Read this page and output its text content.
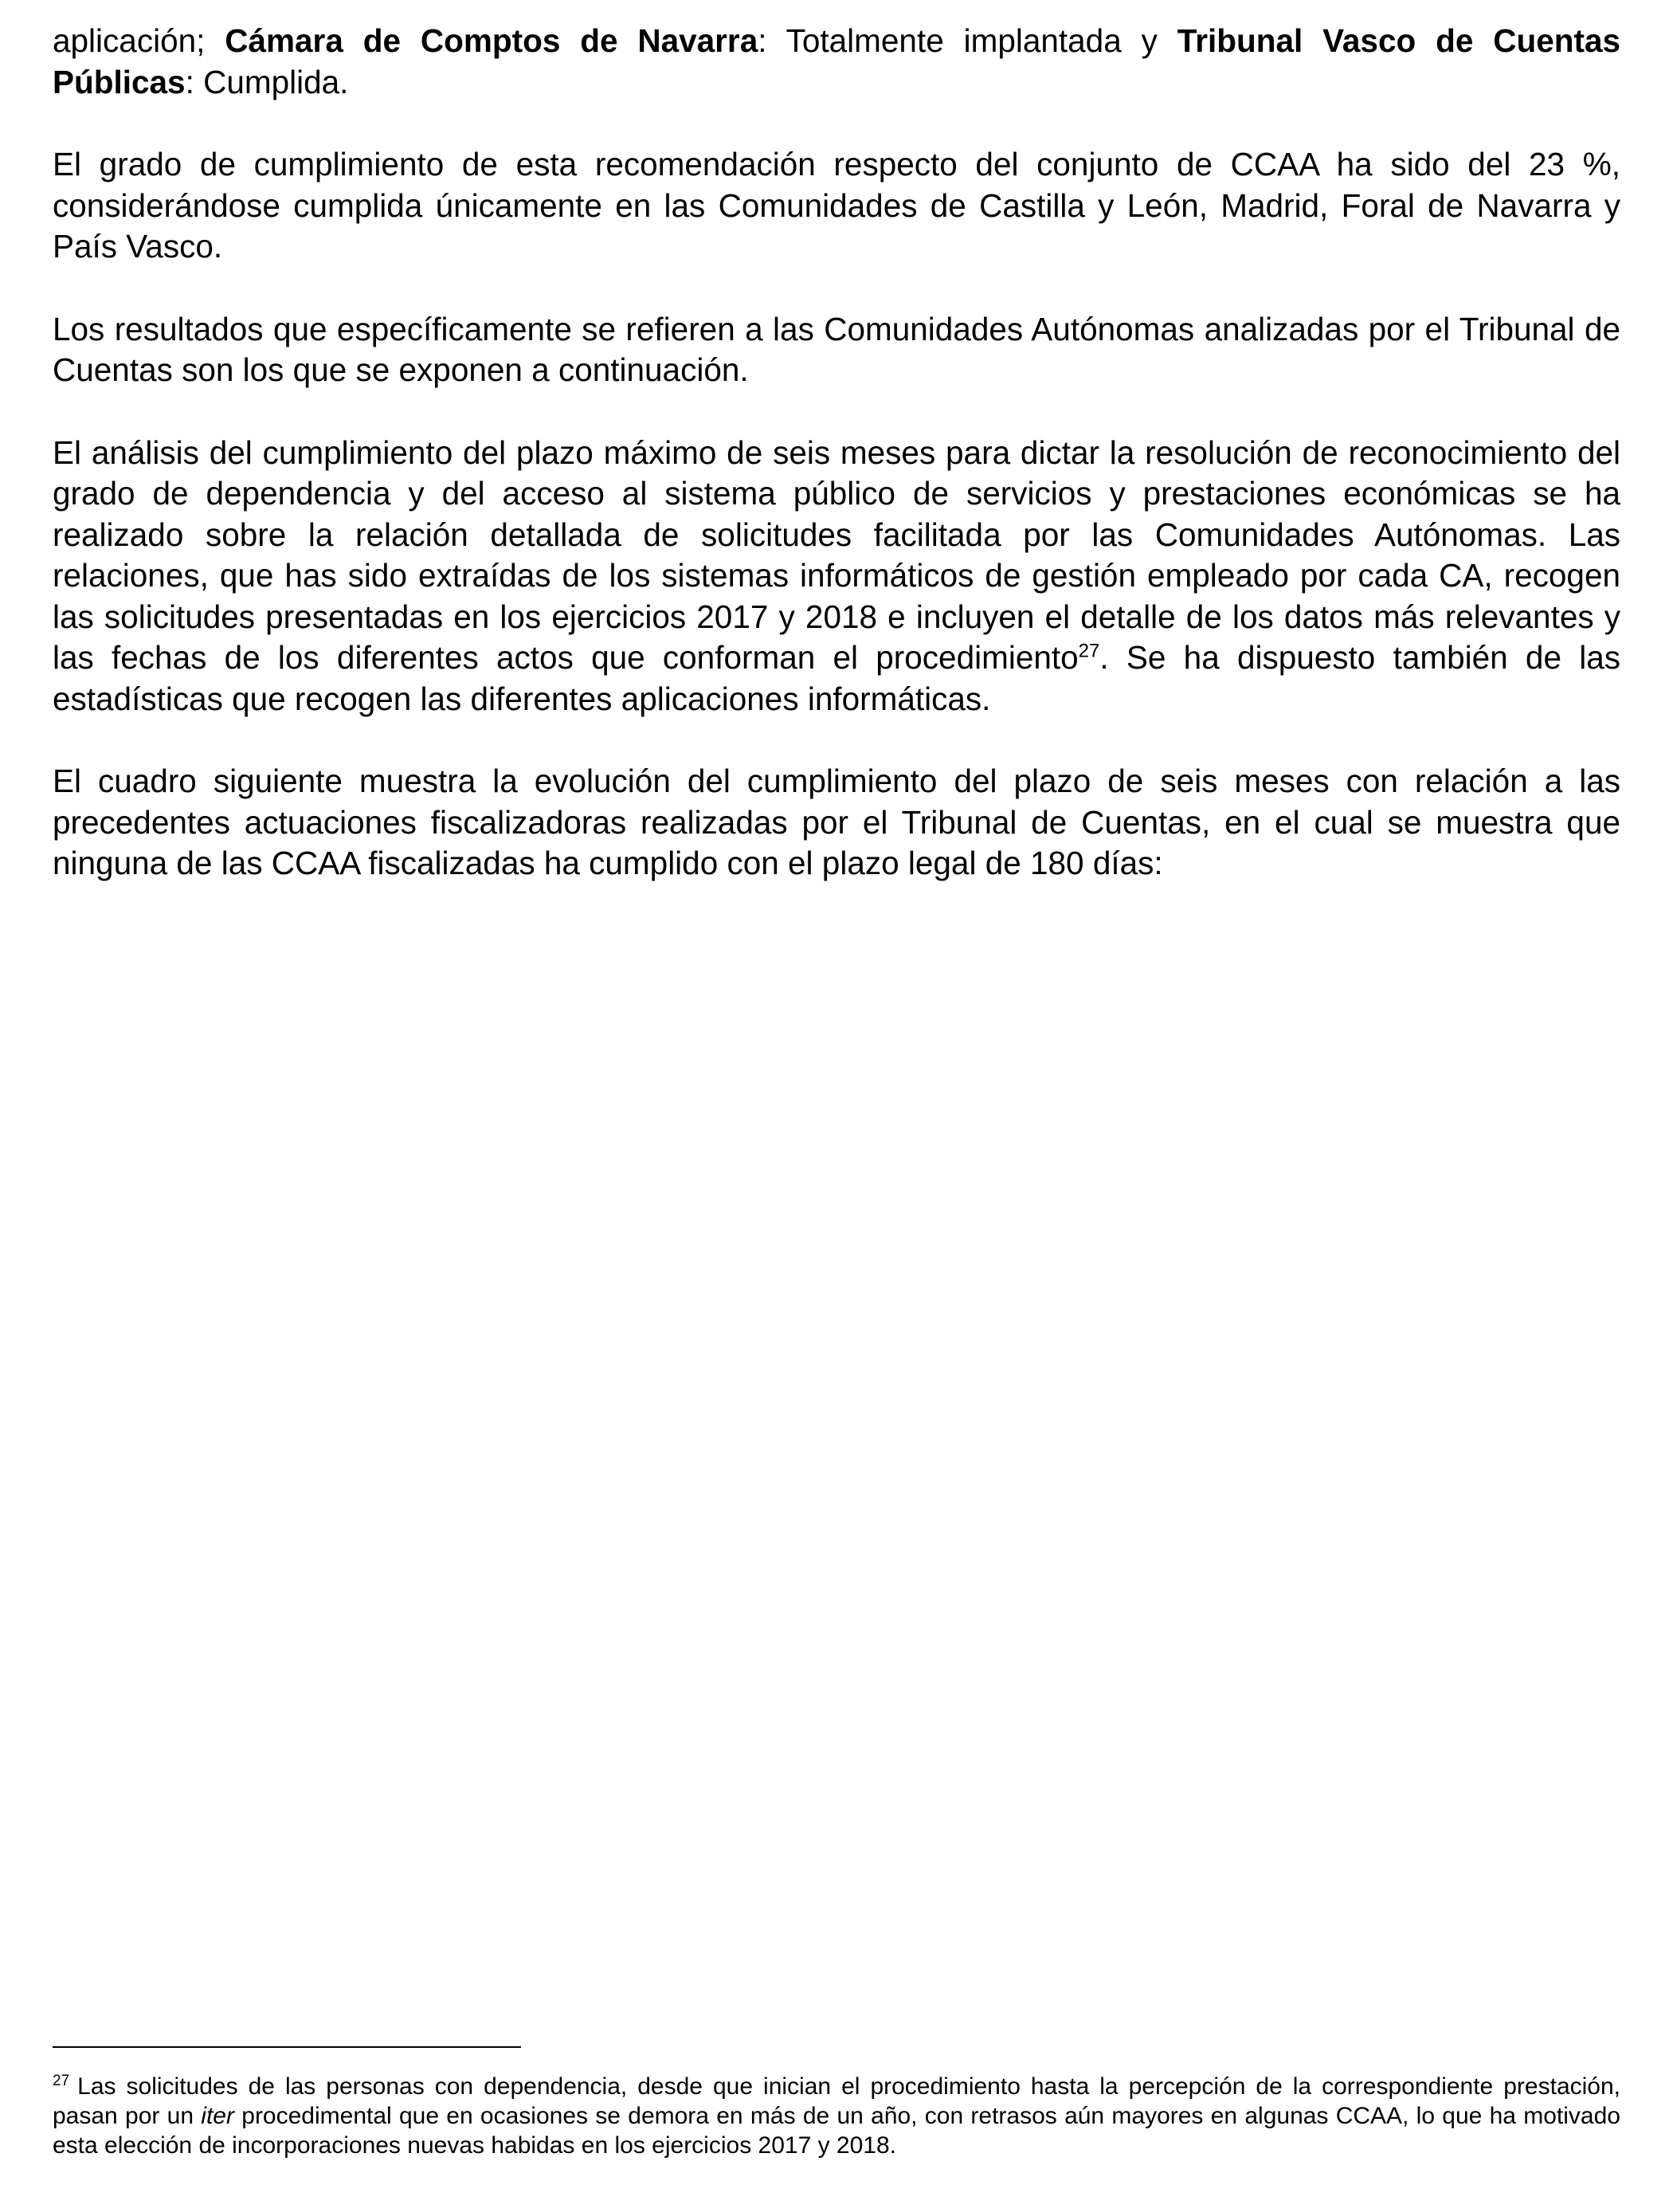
aplicación; Cámara de Comptos de Navarra: Totalmente implantada y Tribunal Vasco de Cuentas Públicas: Cumplida.

El grado de cumplimiento de esta recomendación respecto del conjunto de CCAA ha sido del 23 %, considerándose cumplida únicamente en las Comunidades de Castilla y León, Madrid, Foral de Navarra y País Vasco.

Los resultados que específicamente se refieren a las Comunidades Autónomas analizadas por el Tribunal de Cuentas son los que se exponen a continuación.

El análisis del cumplimiento del plazo máximo de seis meses para dictar la resolución de reconocimiento del grado de dependencia y del acceso al sistema público de servicios y prestaciones económicas se ha realizado sobre la relación detallada de solicitudes facilitada por las Comunidades Autónomas. Las relaciones, que has sido extraídas de los sistemas informáticos de gestión empleado por cada CA, recogen las solicitudes presentadas en los ejercicios 2017 y 2018 e incluyen el detalle de los datos más relevantes y las fechas de los diferentes actos que conforman el procedimiento$^{27}$. Se ha dispuesto también de las estadísticas que recogen las diferentes aplicaciones informáticas.

El cuadro siguiente muestra la evolución del cumplimiento del plazo de seis meses con relación a las precedentes actuaciones fiscalizadoras realizadas por el Tribunal de Cuentas, en el cual se muestra que ninguna de las CCAA fiscalizadas ha cumplido con el plazo legal de 180 días:

$^{27}$ Las solicitudes de las personas con dependencia, desde que inician el procedimiento hasta la percepción de la correspondiente prestación, pasan por un iter procedimental que en ocasiones se demora en más de un año, con retrasos aún mayores en algunas CCAA, lo que ha motivado esta elección de incorporaciones nuevas habidas en los ejercicios 2017 y 2018.
